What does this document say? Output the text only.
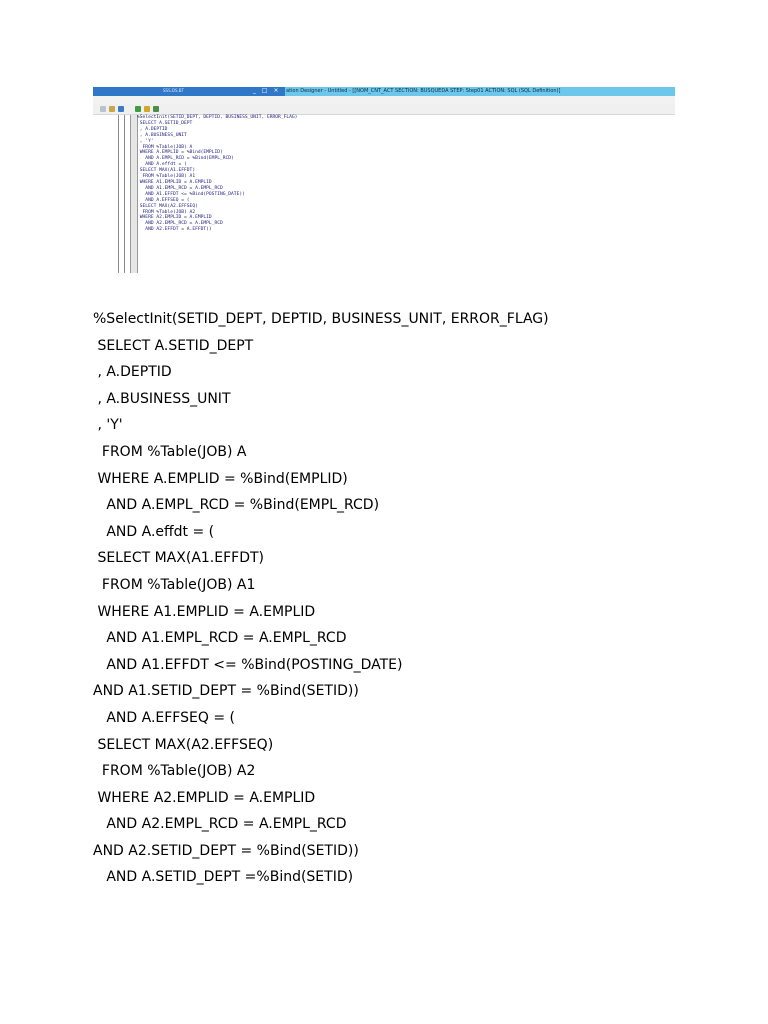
SSS.DS.BT	_ □ × ation Designer - Untitled - [[NOM_CNT_ACT SECTION: BUSQUEDA STEP: Step01 ACTION: SQL (SQL Definition)]
%SelectInit(SETID_DEPT, DEPTID, BUSINESS_UNIT, ERROR_FLAG)
SELECT A.SETID_DEPT
, A.DEPTID
, A.BUSINESS_UNIT
, 'Y'
FROM %Table(JOB) A
WHERE A.EMPLID = %Bind(EMPLID)
AND A.EMPL_RCD = %Bind(EMPL_RCD)
AND A.effdt = (
SELECT MAX(A1.EFFDT)
FROM %Table(JOB) A1
WHERE A1.EMPLID = A.EMPLID
AND A1.EMPL_RCD = A.EMPL_RCD
AND A1.EFFDT <= %Bind(POSTING_DATE))
AND A.EFFSEQ = (
SELECT MAX(A2.EFFSEQ)
FROM %Table(JOB) A2
WHERE A2.EMPLID = A.EMPLID
AND A2.EMPL_RCD = A.EMPL_RCD
AND A2.EFFDT = A.EFFDT))
%SelectInit(SETID_DEPT, DEPTID, BUSINESS_UNIT, ERROR_FLAG)
SELECT A.SETID_DEPT
, A.DEPTID
, A.BUSINESS_UNIT
, 'Y'
FROM %Table(JOB) A
WHERE A.EMPLID = %Bind(EMPLID)
AND A.EMPL_RCD = %Bind(EMPL_RCD)
AND A.effdt = (
SELECT MAX(A1.EFFDT)
FROM %Table(JOB) A1
WHERE A1.EMPLID = A.EMPLID
AND A1.EMPL_RCD = A.EMPL_RCD
AND A1.EFFDT <= %Bind(POSTING_DATE)
AND A1.SETID_DEPT = %Bind(SETID))
AND A.EFFSEQ = (
SELECT MAX(A2.EFFSEQ)
FROM %Table(JOB) A2
WHERE A2.EMPLID = A.EMPLID
AND A2.EMPL_RCD = A.EMPL_RCD
AND A2.SETID_DEPT = %Bind(SETID))
AND A.SETID_DEPT =%Bind(SETID)
